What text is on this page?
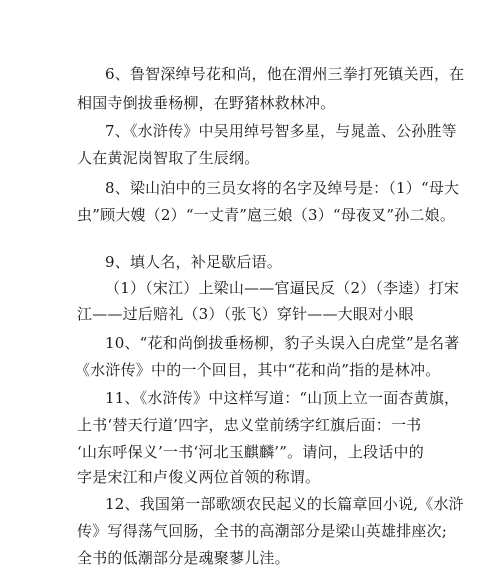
6、鲁智深绰号花和尚，他在渭州三拳打死镇关西，在
相国寺倒拔垂杨柳，在野猪林救林冲。
7、《水浒传》中吴用绰号智多星，与晁盖、公孙胜等
人在黄泥岗智取了生辰纲。
8、梁山泊中的三员女将的名字及绰号是：（1）“母大
虫”顾大嫂（2）“一丈青”扈三娘（3）“母夜叉”孙二娘。
9、填人名，补足歇后语。
（1）（宋江）上梁山——官逼民反（2）（李逵）打宋
江——过后赔礼（3）（张飞）穿针——大眼对小眼
10、“花和尚倒拔垂杨柳，豹子头误入白虎堂”是名著
《水浒传》中的一个回目，其中“花和尚”指的是林冲。
11、《水浒传》中这样写道：“山顶上立一面杏黄旗，
上书‘替天行道’四字，忠义堂前绣字红旗后面：一书
‘山东呼保义’一书‘河北玉麒麟’”。请问，上段话中的
字是宋江和卢俊义两位首领的称谓。
12、我国第一部歌颂农民起义的长篇章回小说,《水浒
传》写得荡气回肠，全书的高潮部分是梁山英雄排座次;
全书的低潮部分是魂聚蓼儿洼。
